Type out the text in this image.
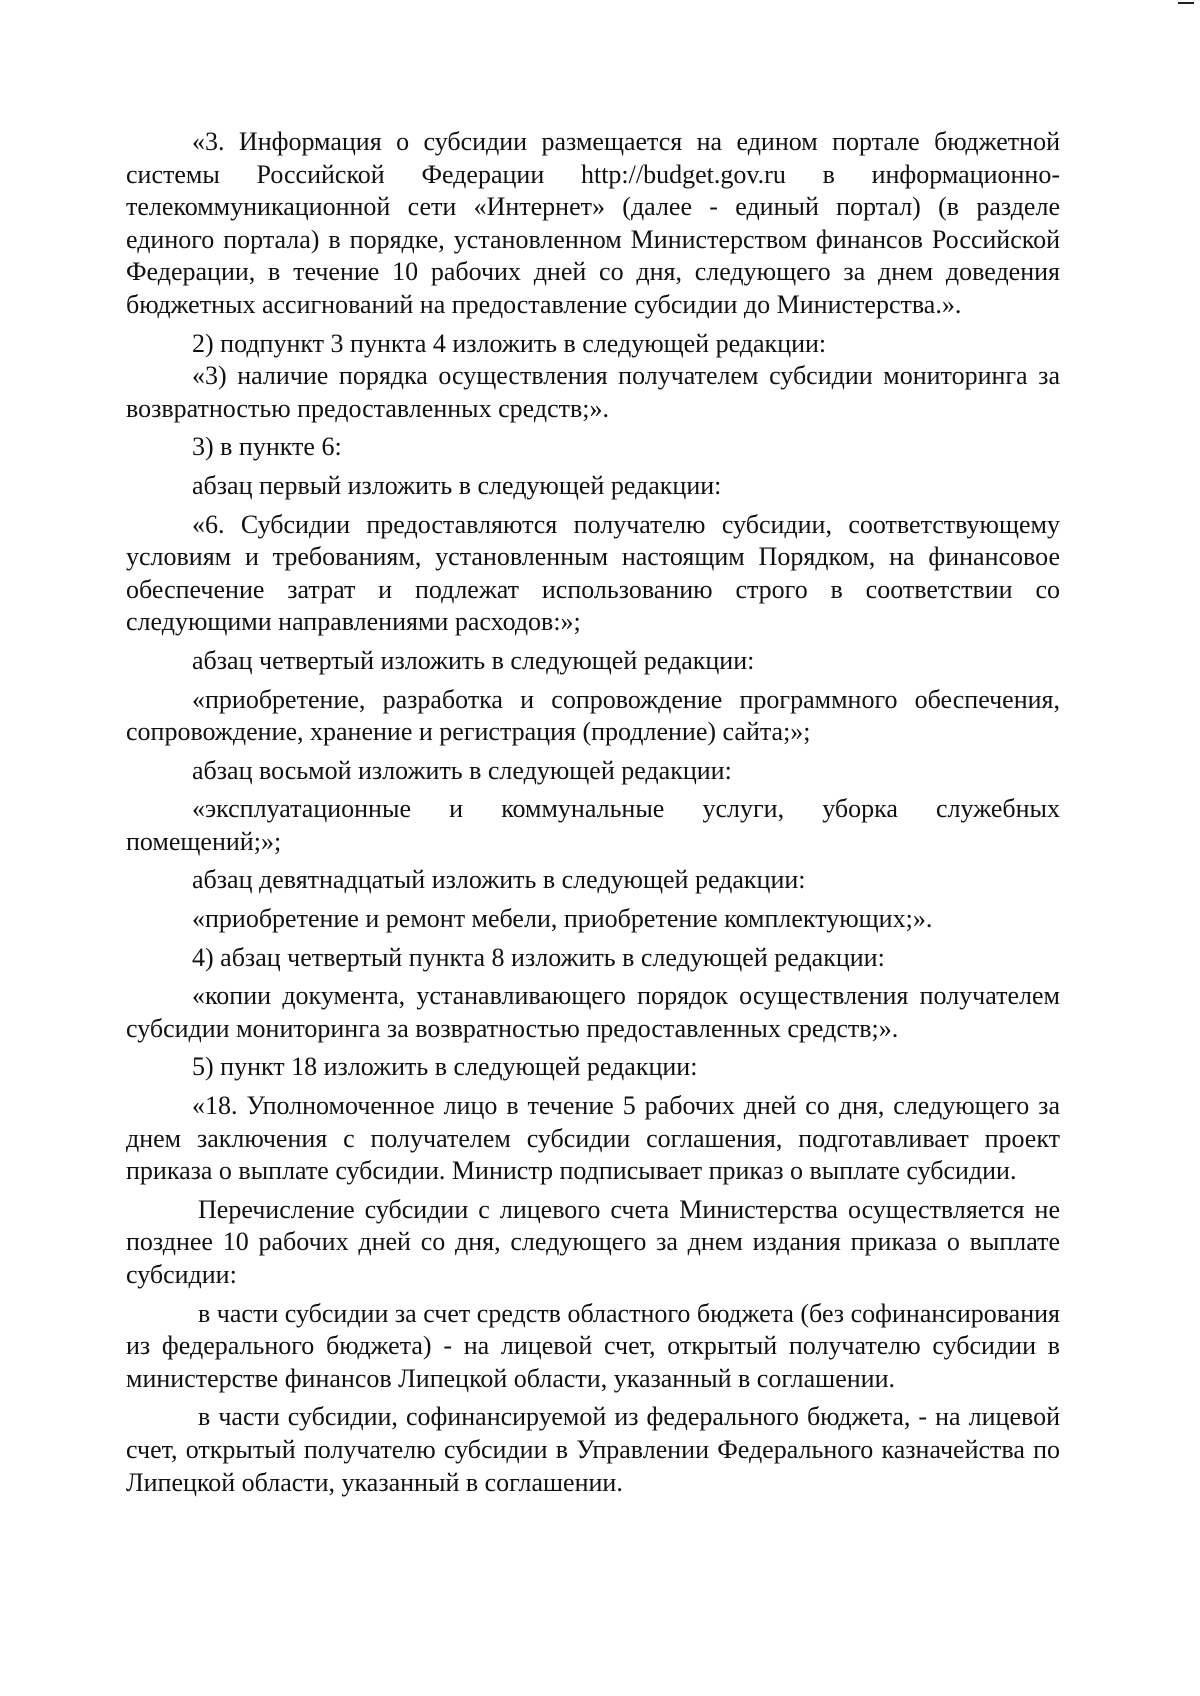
«3. Информация о субсидии размещается на едином портале бюджетной системы Российской Федерации http://budget.gov.ru в информационно-телекоммуникационной сети «Интернет» (далее - единый портал) (в разделе единого портала) в порядке, установленном Министерством финансов Российской Федерации, в течение 10 рабочих дней со дня, следующего за днем доведения бюджетных ассигнований на предоставление субсидии до Министерства.».

2) подпункт 3 пункта 4 изложить в следующей редакции:

«3) наличие порядка осуществления получателем субсидии мониторинга за возвратностью предоставленных средств;».

3) в пункте 6:

абзац первый изложить в следующей редакции:

«6. Субсидии предоставляются получателю субсидии, соответствующему условиям и требованиям, установленным настоящим Порядком, на финансовое обеспечение затрат и подлежат использованию строго в соответствии со следующими направлениями расходов:»;

абзац четвертый изложить в следующей редакции:

«приобретение, разработка и сопровождение программного обеспечения, сопровождение, хранение и регистрация (продление) сайта;»;

абзац восьмой изложить в следующей редакции:

«эксплуатационные и коммунальные услуги, уборка служебных помещений;»;

абзац девятнадцатый изложить в следующей редакции:

«приобретение и ремонт мебели, приобретение комплектующих;».

4) абзац четвертый пункта 8 изложить в следующей редакции:

«копии документа, устанавливающего порядок осуществления получателем субсидии мониторинга за возвратностью предоставленных средств;».

5) пункт 18 изложить в следующей редакции:

«18. Уполномоченное лицо в течение 5 рабочих дней со дня, следующего за днем заключения с получателем субсидии соглашения, подготавливает проект приказа о выплате субсидии. Министр подписывает приказ о выплате субсидии.

Перечисление субсидии с лицевого счета Министерства осуществляется не позднее 10 рабочих дней со дня, следующего за днем издания приказа о выплате субсидии:

в части субсидии за счет средств областного бюджета (без софинансирования из федерального бюджета) - на лицевой счет, открытый получателю субсидии в министерстве финансов Липецкой области, указанный в соглашении.

в части субсидии, софинансируемой из федерального бюджета, - на лицевой счет, открытый получателю субсидии в Управлении Федерального казначейства по Липецкой области, указанный в соглашении.
